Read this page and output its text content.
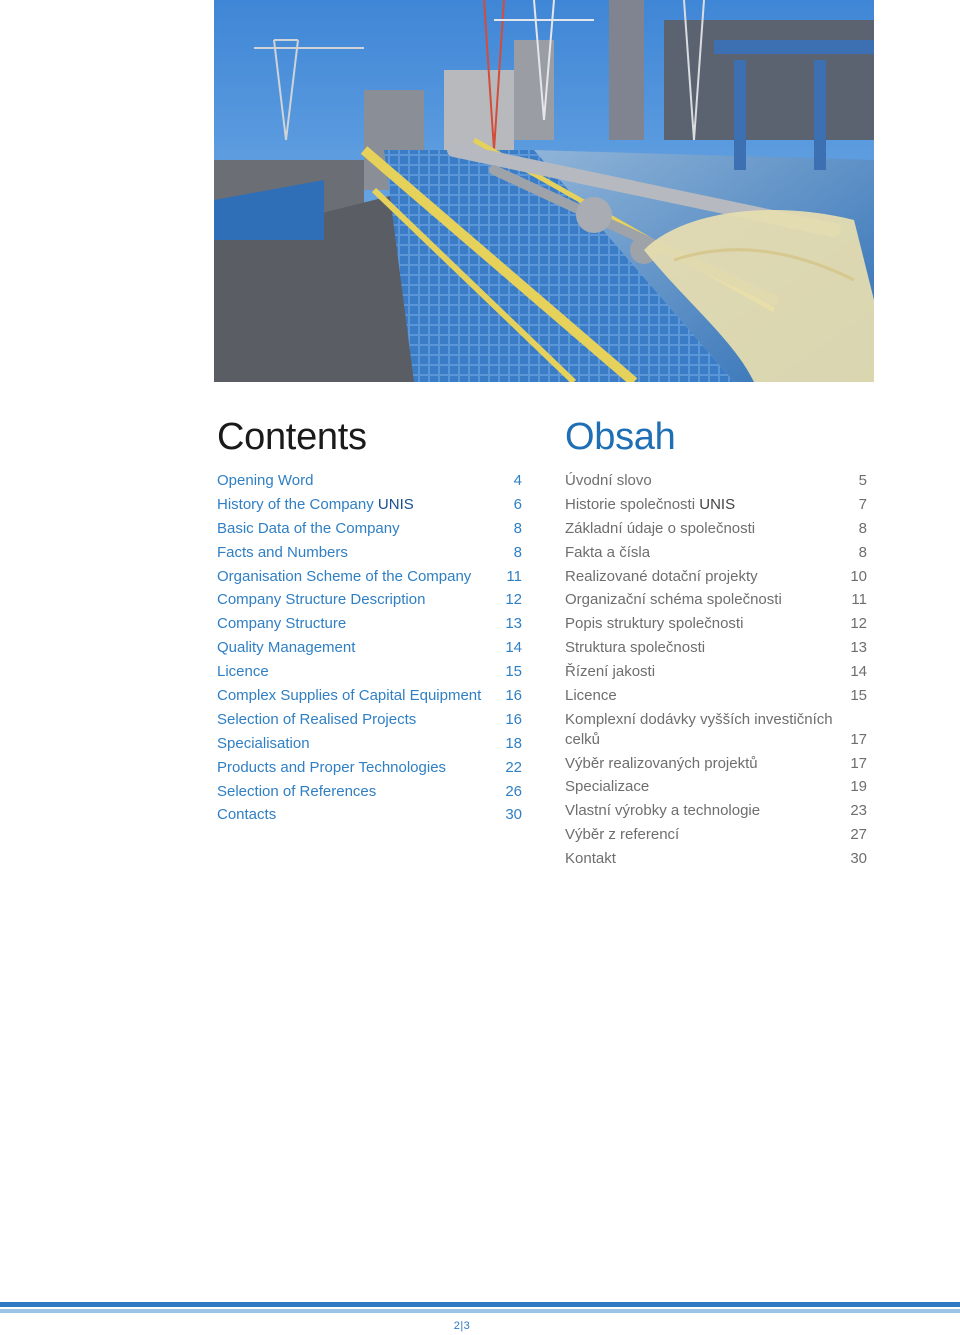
Contents
Opening Word	4
History of the Company UNIS	6
Basic Data of the Company	8
Facts and Numbers	8
Organisation Scheme of the Company	11
Company Structure Description	12
Company Structure	13
Quality Management	14
Licence	15
Complex Supplies of Capital Equipment	16
Selection of Realised Projects	16
Specialisation	18
Products and Proper Technologies	22
Selection of References	26
Contacts	30
Obsah
Úvodní slovo	5
Historie společnosti UNIS	7
Základní údaje o společnosti	8
Fakta a čísla	8
Realizované dotační projekty	10
Organizační schéma společnosti	11
Popis struktury společnosti	12
Struktura společnosti	13
Řízení jakosti	14
Licence	15
Komplexní dodávky vyšších investičních celků	17
Výběr realizovaných projektů	17
Specializace	19
Vlastní výrobky a technologie	23
Výběr z referencí	27
Kontakt	30
2|3
